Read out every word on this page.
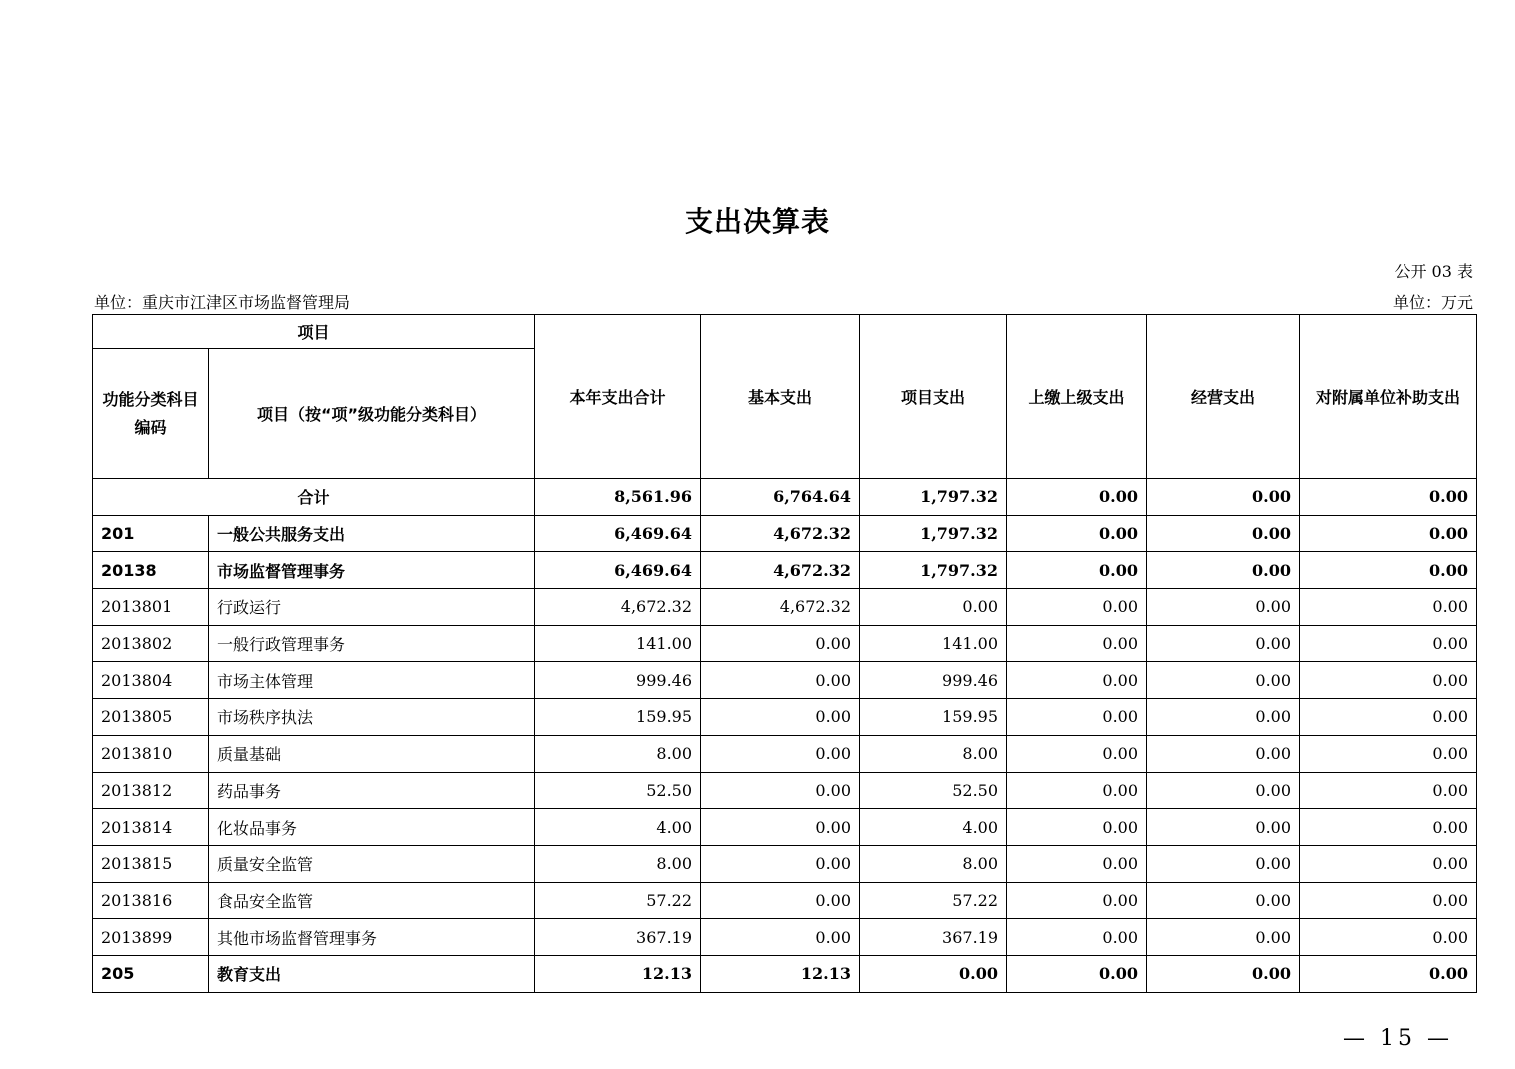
支出决算表
公开 03 表
单位：重庆市江津区市场监督管理局	单位：万元
项目		本年支出合计	基本支出	项目支出	上缴上级支出	经营支出	对附属单位补助支出
功能分类科目编码	项目（按“项”级功能分类科目）						
合计		8,561.96	6,764.64	1,797.32	0.00	0.00	0.00
201	一般公共服务支出	6,469.64	4,672.32	1,797.32	0.00	0.00	0.00
20138	市场监督管理事务	6,469.64	4,672.32	1,797.32	0.00	0.00	0.00
2013801	行政运行	4,672.32	4,672.32	0.00	0.00	0.00	0.00
2013802	一般行政管理事务	141.00	0.00	141.00	0.00	0.00	0.00
2013804	市场主体管理	999.46	0.00	999.46	0.00	0.00	0.00
2013805	市场秩序执法	159.95	0.00	159.95	0.00	0.00	0.00
2013810	质量基础	8.00	0.00	8.00	0.00	0.00	0.00
2013812	药品事务	52.50	0.00	52.50	0.00	0.00	0.00
2013814	化妆品事务	4.00	0.00	4.00	0.00	0.00	0.00
2013815	质量安全监管	8.00	0.00	8.00	0.00	0.00	0.00
2013816	食品安全监管	57.22	0.00	57.22	0.00	0.00	0.00
2013899	其他市场监督管理事务	367.19	0.00	367.19	0.00	0.00	0.00
205	教育支出	12.13	12.13	0.00	0.00	0.00	0.00
— 15 —
